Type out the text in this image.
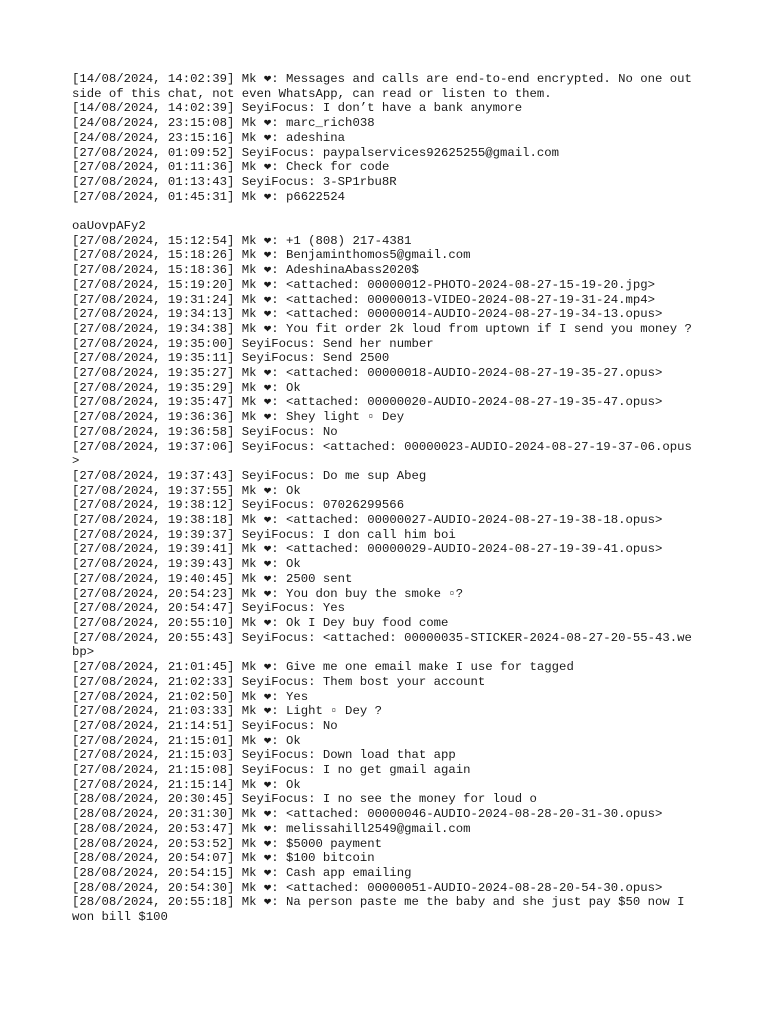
[14/08/2024, 14:02:39] Mk ❤: Messages and calls are end-to-end encrypted. No one outside of this chat, not even WhatsApp, can read or listen to them.

[14/08/2024, 14:02:39] SeyiFocus: I don’t have a bank anymore

[24/08/2024, 23:15:08] Mk ❤: marc_rich038

[24/08/2024, 23:15:16] Mk ❤: adeshina

[27/08/2024, 01:09:52] SeyiFocus: paypalservices92625255@gmail.com

[27/08/2024, 01:11:36] Mk ❤: Check for code

[27/08/2024, 01:13:43] SeyiFocus: 3-SP1rbu8R

[27/08/2024, 01:45:31] Mk ❤: p6622524

oaUovpAFy2

[27/08/2024, 15:12:54] Mk ❤: +1 (808) 217-4381

[27/08/2024, 15:18:26] Mk ❤: Benjaminthomos5@gmail.com

[27/08/2024, 15:18:36] Mk ❤: AdeshinaAbass2020$

[27/08/2024, 15:19:20] Mk ❤: <attached: 00000012-PHOTO-2024-08-27-15-19-20.jpg>

[27/08/2024, 19:31:24] Mk ❤: <attached: 00000013-VIDEO-2024-08-27-19-31-24.mp4>

[27/08/2024, 19:34:13] Mk ❤: <attached: 00000014-AUDIO-2024-08-27-19-34-13.opus>

[27/08/2024, 19:34:38] Mk ❤: You fit order 2k loud from uptown if I send you money ?

[27/08/2024, 19:35:00] SeyiFocus: Send her number

[27/08/2024, 19:35:11] SeyiFocus: Send 2500

[27/08/2024, 19:35:27] Mk ❤: <attached: 00000018-AUDIO-2024-08-27-19-35-27.opus>

[27/08/2024, 19:35:29] Mk ❤: Ok

[27/08/2024, 19:35:47] Mk ❤: <attached: 00000020-AUDIO-2024-08-27-19-35-47.opus>

[27/08/2024, 19:36:36] Mk ❤: Shey light ▫ Dey

[27/08/2024, 19:36:58] SeyiFocus: No

[27/08/2024, 19:37:06] SeyiFocus: <attached: 00000023-AUDIO-2024-08-27-19-37-06.opus>

[27/08/2024, 19:37:43] SeyiFocus: Do me sup Abeg

[27/08/2024, 19:37:55] Mk ❤: Ok

[27/08/2024, 19:38:12] SeyiFocus: 07026299566

[27/08/2024, 19:38:18] Mk ❤: <attached: 00000027-AUDIO-2024-08-27-19-38-18.opus>

[27/08/2024, 19:39:37] SeyiFocus: I don call him boi

[27/08/2024, 19:39:41] Mk ❤: <attached: 00000029-AUDIO-2024-08-27-19-39-41.opus>

[27/08/2024, 19:39:43] Mk ❤: Ok

[27/08/2024, 19:40:45] Mk ❤: 2500 sent

[27/08/2024, 20:54:23] Mk ❤: You don buy the smoke ▫?

[27/08/2024, 20:54:47] SeyiFocus: Yes

[27/08/2024, 20:55:10] Mk ❤: Ok I Dey buy food come

[27/08/2024, 20:55:43] SeyiFocus: <attached: 00000035-STICKER-2024-08-27-20-55-43.webp>

[27/08/2024, 21:01:45] Mk ❤: Give me one email make I use for tagged

[27/08/2024, 21:02:33] SeyiFocus: Them bost your account

[27/08/2024, 21:02:50] Mk ❤: Yes

[27/08/2024, 21:03:33] Mk ❤: Light ▫ Dey ?

[27/08/2024, 21:14:51] SeyiFocus: No

[27/08/2024, 21:15:01] Mk ❤: Ok

[27/08/2024, 21:15:03] SeyiFocus: Down load that app

[27/08/2024, 21:15:08] SeyiFocus: I no get gmail again

[27/08/2024, 21:15:14] Mk ❤: Ok

[28/08/2024, 20:30:45] SeyiFocus: I no see the money for loud o

[28/08/2024, 20:31:30] Mk ❤: <attached: 00000046-AUDIO-2024-08-28-20-31-30.opus>

[28/08/2024, 20:53:47] Mk ❤: melissahill2549@gmail.com

[28/08/2024, 20:53:52] Mk ❤: $5000 payment

[28/08/2024, 20:54:07] Mk ❤: $100 bitcoin

[28/08/2024, 20:54:15] Mk ❤: Cash app emailing

[28/08/2024, 20:54:30] Mk ❤: <attached: 00000051-AUDIO-2024-08-28-20-54-30.opus>

[28/08/2024, 20:55:18] Mk ❤: Na person paste me the baby and she just pay $50 now I won bill $100
